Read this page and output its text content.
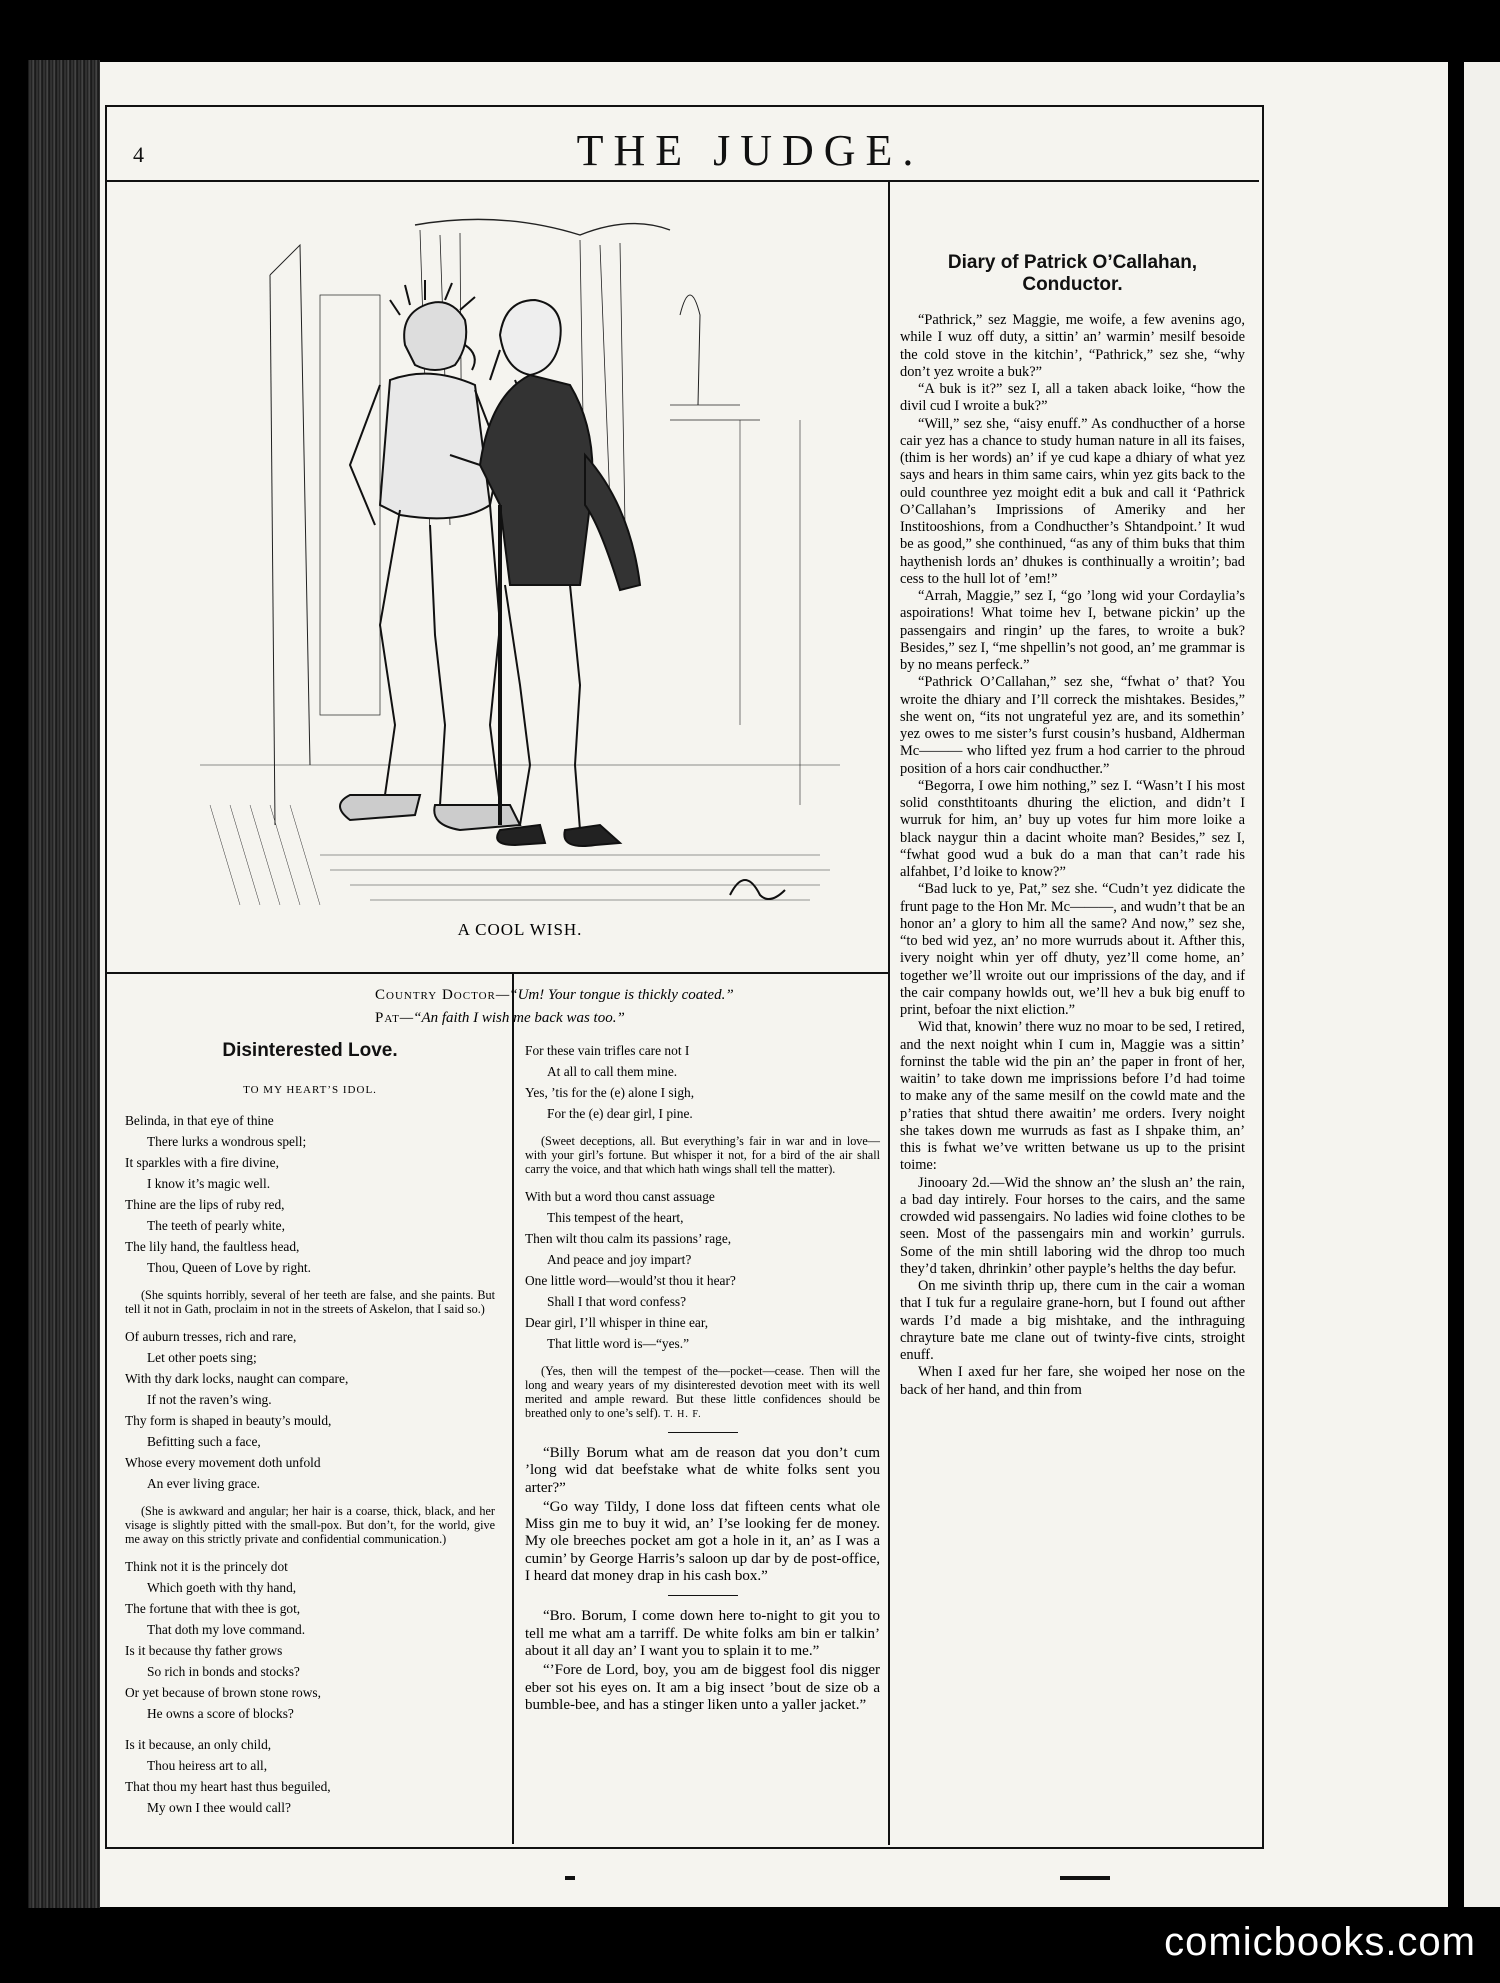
4	THE JUDGE.
A COOL WISH.
Country Doctor—“Um! Your tongue is thickly coated.”
Pat—“An faith I wish me back was too.”
Disinterested Love.
TO MY HEART’S IDOL.
Belinda, in that eye of thine
There lurks a wondrous spell;
It sparkles with a fire divine,
I know it’s magic well.
Thine are the lips of ruby red,
The teeth of pearly white,
The lily hand, the faultless head,
Thou, Queen of Love by right.

(She squints horribly, several of her teeth are false, and she paints. But tell it not in Gath, proclaim in not in the streets of Askelon, that I said so.)

Of auburn tresses, rich and rare,
Let other poets sing;
With thy dark locks, naught can compare,
If not the raven’s wing.
Thy form is shaped in beauty’s mould,
Befitting such a face,
Whose every movement doth unfold
An ever living grace.

(She is awkward and angular; her hair is a coarse, thick, black, and her visage is slightly pitted with the small-pox. But don’t, for the world, give me away on this strictly private and confidential communication.)

Think not it is the princely dot
Which goeth with thy hand,
The fortune that with thee is got,
That doth my love command.
Is it because thy father grows
So rich in bonds and stocks?
Or yet because of brown stone rows,
He owns a score of blocks?
Is it because, an only child,
Thou heiress art to all,
That thou my heart hast thus beguiled,
My own I thee would call?
For these vain trifles care not I
At all to call them mine.
Yes, ’tis for the (e) alone I sigh,
For the (e) dear girl, I pine.

(Sweet deceptions, all. But everything’s fair in war and in love—with your girl’s fortune. But whisper it not, for a bird of the air shall carry the voice, and that which hath wings shall tell the matter).

With but a word thou canst assuage
This tempest of the heart,
Then wilt thou calm its passions’ rage,
And peace and joy impart?
One little word—would’st thou it hear?
Shall I that word confess?
Dear girl, I’ll whisper in thine ear,
That little word is—“yes.”

(Yes, then will the tempest of the—pocket—cease. Then will the long and weary years of my disinterested devotion meet with its well merited and ample reward. But these little confidences should be breathed only to one’s self). T. H. F.

“Billy Borum what am de reason dat you don’t cum ’long wid dat beefstake what de white folks sent you arter?”

“Go way Tildy, I done loss dat fifteen cents what ole Miss gin me to buy it wid, an’ I’se looking fer de money. My ole breeches pocket am got a hole in it, an’ as I was a cumin’ by George Harris’s saloon up dar by de post-office, I heard dat money drap in his cash box.”

“Bro. Borum, I come down here to-night to git you to tell me what am a tarriff. De white folks am bin er talkin’ about it all day an’ I want you to splain it to me.”

“’Fore de Lord, boy, you am de biggest fool dis nigger eber sot his eyes on. It am a big insect ’bout de size ob a bumble-bee, and has a stinger liken unto a yaller jacket.”

Diary of Patrick O’Callahan, Conductor.

“Pathrick,” sez Maggie, me woife, a few avenins ago, while I wuz off duty, a sittin’ an’ warmin’ mesilf besoide the cold stove in the kitchin’, “Pathrick,” sez she, “why don’t yez wroite a buk?”

“A buk is it?” sez I, all a taken aback loike, “how the divil cud I wroite a buk?”

“Will,” sez she, “aisy enuff.” As condhucther of a horse cair yez has a chance to study human nature in all its faises, (thim is her words) an’ if ye cud kape a dhiary of what yez says and hears in thim same cairs, whin yez gits back to the ould counthree yez moight edit a buk and call it ‘Pathrick O’Callahan’s Imprissions of Ameriky and her Institooshions, from a Condhucther’s Shtandpoint.’ It wud be as good,” she conthinued, “as any of thim buks that thim haythenish lords an’ dhukes is conthinually a wroitin’; bad cess to the hull lot of ’em!”

“Arrah, Maggie,” sez I, “go ’long wid your Cordaylia’s aspoirations! What toime hev I, betwane pickin’ up the passengairs and ringin’ up the fares, to wroite a buk? Besides,” sez I, “me shpellin’s not good, an’ me grammar is by no means perfeck.”

“Pathrick O’Callahan,” sez she, “fwhat o’ that? You wroite the dhiary and I’ll correck the mishtakes. Besides,” she went on, “its not ungrateful yez are, and its somethin’ yez owes to me sister’s furst cousin’s husband, Aldherman Mc——— who lifted yez frum a hod carrier to the phroud position of a hors cair condhucther.”

“Begorra, I owe him nothing,” sez I. “Wasn’t I his most solid consthtitoants dhuring the eliction, and didn’t I wurruk for him, an’ buy up votes fur him more loike a black naygur thin a dacint whoite man? Besides,” sez I, “fwhat good wud a buk do a man that can’t rade his alfahbet, I’d loike to know?”

“Bad luck to ye, Pat,” sez she. “Cudn’t yez didicate the frunt page to the Hon Mr. Mc———, and wudn’t that be an honor an’ a glory to him all the same? And now,” sez she, “to bed wid yez, an’ no more wurruds about it. Afther this, ivery noight whin yer off dhuty, yez’ll come home, an’ together we’ll wroite out our imprissions of the day, and if the cair company howlds out, we’ll hev a buk big enuff to print, befoar the nixt eliction.”

Wid that, knowin’ there wuz no moar to be sed, I retired, and the next noight whin I cum in, Maggie was a sittin’ forninst the table wid the pin an’ the paper in front of her, waitin’ to take down me imprissions before I’d had toime to make any of the same mesilf on the cowld mate and the p’raties that shtud there awaitin’ me orders. Ivery noight she takes down me wurruds as fast as I shpake thim, an’ this is fwhat we’ve written betwane us up to the prisint toime:

Jinooary 2d.—Wid the shnow an’ the slush an’ the rain, a bad day intirely. Four horses to the cairs, and the same crowded wid passengairs. No ladies wid foine clothes to be seen. Most of the passengairs min and workin’ gurruls. Some of the min shtill laboring wid the dhrop too much they’d taken, dhrinkin’ other payple’s helths the day befur.

On me sivinth thrip up, there cum in the cair a woman that I tuk fur a regulaire grane-horn, but I found out afther wards I’d made a big mishtake, and the inthraguing chrayture bate me clane out of twinty-five cints, stroight enuff.

When I axed fur her fare, she woiped her nose on the back of her hand, and thin from

comicbooks.com
